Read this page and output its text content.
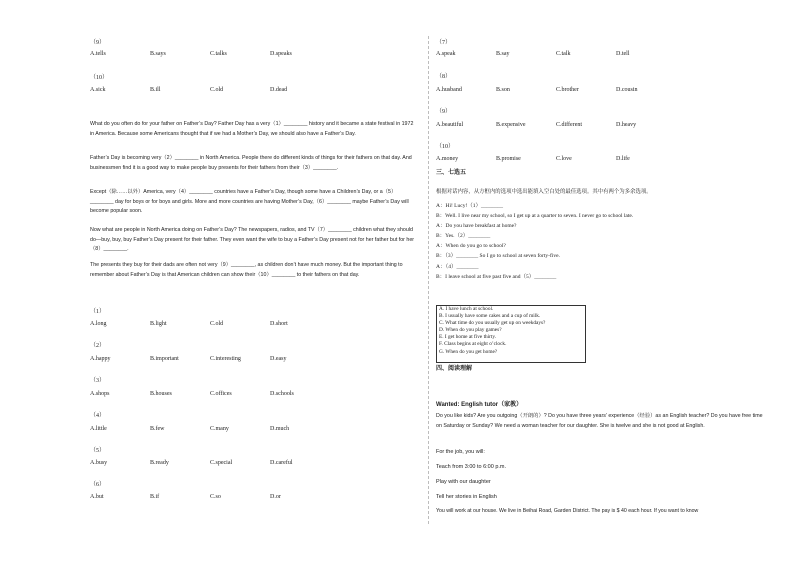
（9）
A.tells	B.says	C.talks	D.speaks
（10）
A.sick	B.ill	C.old	D.dead
What do you often do for your father on Father’s Day? Father Day has a very（1）________ history and it became a state festival in 1972 in America. Because some Americans thought that if we had a Mother’s Day, we should also have a Father’s Day.
Father’s Day is becoming very（2）________ in North America. People there do different kinds of things for their fathers on that day. And businessmen find it is a good way to make people buy presents for their fathers from their（3）________.
Except（除……以外）America, very（4）________ countries have a Father’s Day, though some have a Children’s Day, or a（5）________ day for boys or for boys and girls. More and more countries are having Mother’s Day,（6）________ maybe Father’s Day will become popular soon.
Now what are people in North America doing on Father’s Day? The newspapers, radios, and TV（7）________ children what they should do—buy, buy, buy Father’s Day present for their father. They even want the wife to buy a Father’s Day present not for her father but for her（8）________.
The presents they buy for their dads are often not very（9）________, as children don’t have much money. But the important thing to remember about Father’s Day is that American children can show their（10）________ to their fathers on that day.
（1）
A.long	B.light	C.old	D.short
（2）
A.happy	B.important	C.interesting	D.easy
（3）
A.shops	B.houses	C.offices	D.schools
（4）
A.little	B.few	C.many	D.much
（5）
A.busy	B.ready	C.special	D.careful
（6）
A.but	B.if	C.so	D.or
（7）
A.speak	B.say	C.talk	D.tell
（8）
A.husband	B.son	C.brother	D.cousin
（9）
A.beautiful	B.expensive	C.different	D.heavy
（10）
A.money	B.promise	C.love	D.life
三、七选五
根据对话内容，从方框内的选项中选出能填入空白处的最佳选项。其中有两个为多余选项。
A：Hi! Lucy!（1）________
B：Well. I live near my school, so I get up at a quarter to seven. I never go to school late.
A：Do you have breakfast at home?
B：Yes.（2）________
A：When do you go to school?
B：（3）________ So I go to school at seven forty-five.
A：（4）________
B：I leave school at five past five and（5）________
A. I have lunch at school.
B. I usually have some cakes and a cup of milk.
C. What time do you usually get up on weekdays?
D. When do you play games?
E. I get home at five thirty.
F. Class begins at eight o’clock.
G. When do you get home?
四、阅读理解
Wanted: English tutor（家教）
Do you like kids? Are you outgoing（开朗的）? Do you have three years’ experience（经验）as an English teacher? Do you have free time on Saturday or Sunday? We need a woman teacher for our daughter. She is twelve and she is not good at English.
For the job, you will:
Teach from 3:00 to 6:00 p.m.
Play with our daughter
Tell her stories in English
You will work at our house. We live in Beihai Road, Garden District. The pay is $ 40 each hour. If you want to know
